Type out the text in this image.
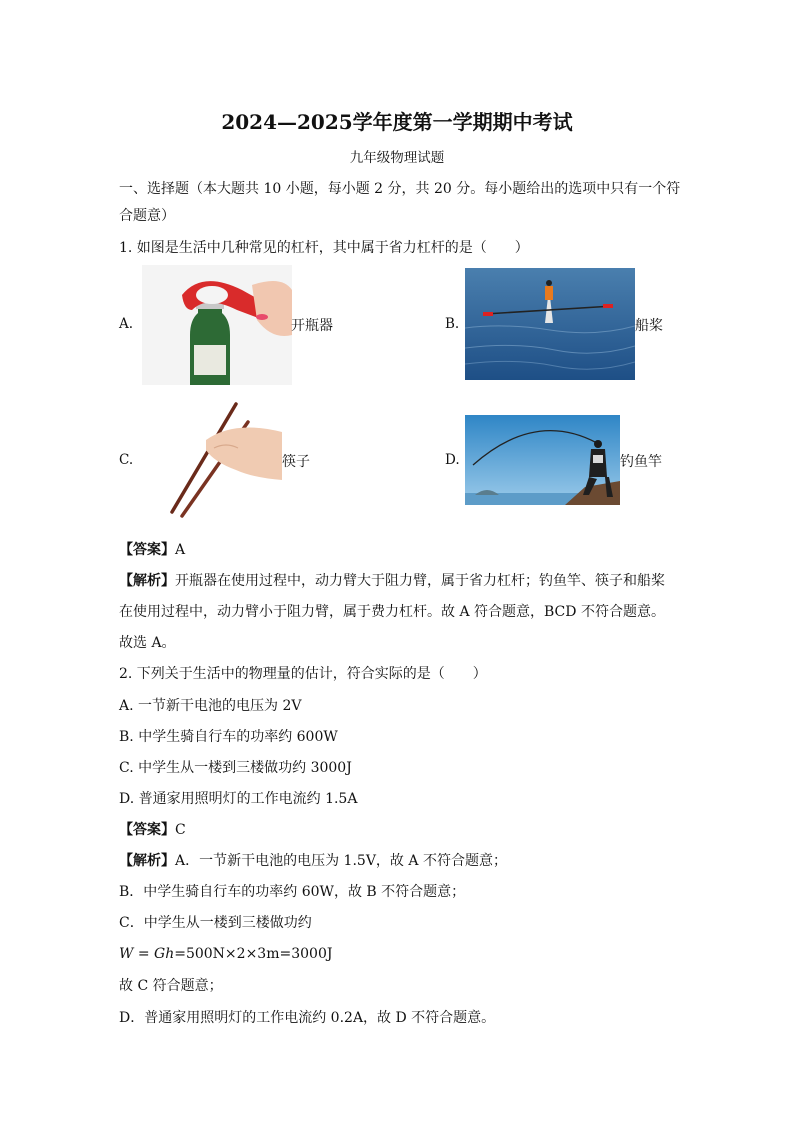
2024—2025学年度第一学期期中考试
九年级物理试题
一、选择题（本大题共 10 小题，每小题 2 分，共 20 分。每小题给出的选项中只有一个符
合题意）
1. 如图是生活中几种常见的杠杆，其中属于省力杠杆的是（　　）
A.	开瓶器	B.	船桨
C.	筷子	D.	钓鱼竿
【答案】A
【解析】开瓶器在使用过程中，动力臂大于阻力臂，属于省力杠杆；钓鱼竿、筷子和船桨
在使用过程中，动力臂小于阻力臂，属于费力杠杆。故 A 符合题意，BCD 不符合题意。
故选 A。
2. 下列关于生活中的物理量的估计，符合实际的是（　　）
A. 一节新干电池的电压为 2V
B. 中学生骑自行车的功率约 600W
C. 中学生从一楼到三楼做功约 3000J
D. 普通家用照明灯的工作电流约 1.5A
【答案】C
【解析】A．一节新干电池的电压为 1.5V，故 A 不符合题意；
B．中学生骑自行车的功率约 60W，故 B 不符合题意；
C．中学生从一楼到三楼做功约
W = Gh=500N×2×3m=3000J
故 C 符合题意；
D．普通家用照明灯的工作电流约 0.2A，故 D 不符合题意。
